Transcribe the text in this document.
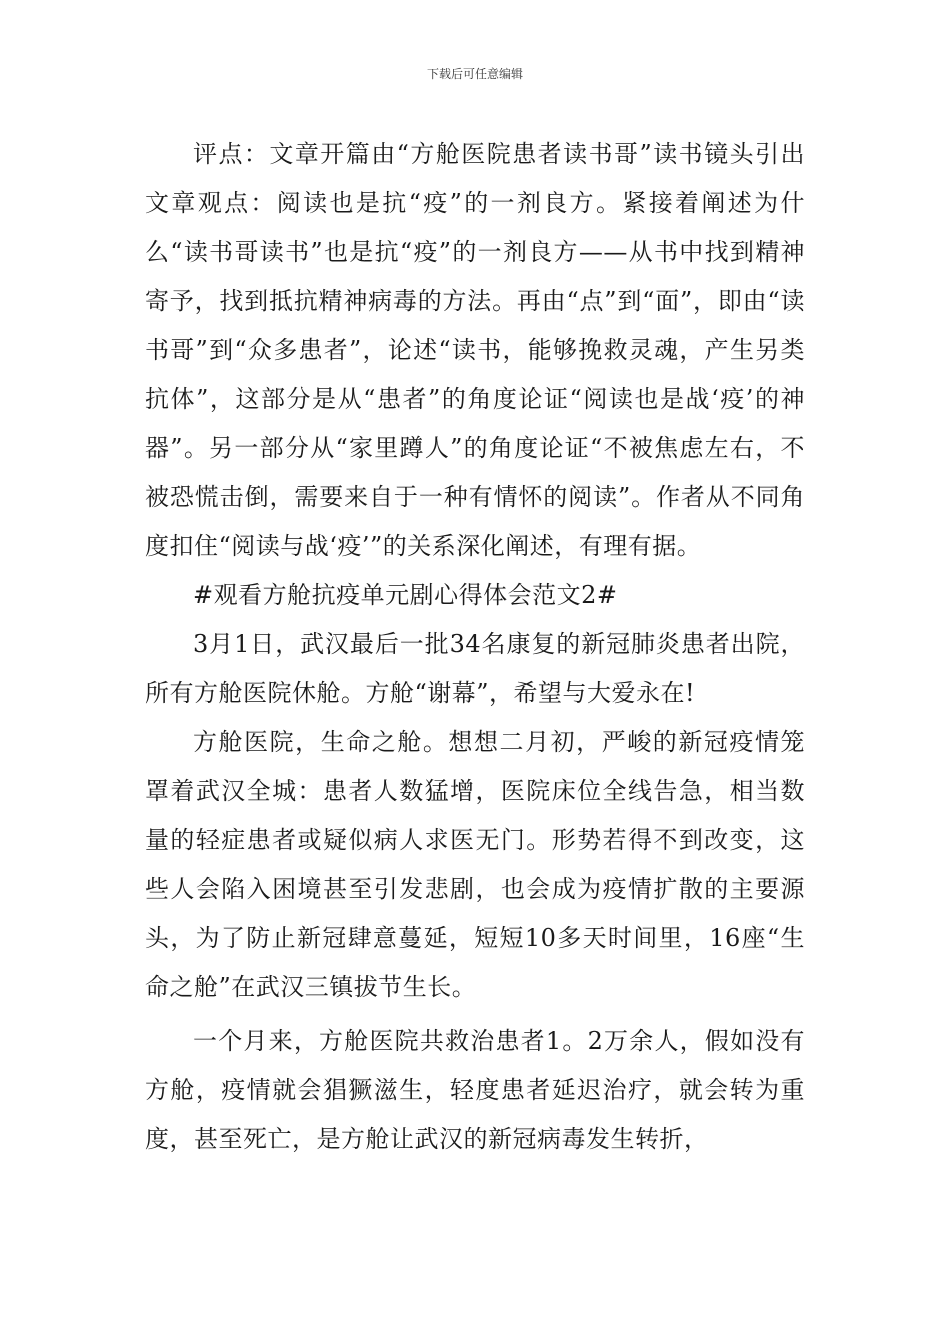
下载后可任意编辑

评点：文章开篇由“方舱医院患者读书哥”读书镜头引出文章观点：阅读也是抗“疫”的一剂良方。紧接着阐述为什么“读书哥读书”也是抗“疫”的一剂良方——从书中找到精神寄予，找到抵抗精神病毒的方法。再由“点”到“面”，即由“读书哥”到“众多患者”，论述“读书，能够挽救灵魂，产生另类抗体”，这部分是从“患者”的角度论证“阅读也是战‘疫’的神器”。另一部分从“家里蹲人”的角度论证“不被焦虑左右，不被恐慌击倒，需要来自于一种有情怀的阅读”。作者从不同角度扣住“阅读与战‘疫’”的关系深化阐述，有理有据。

#观看方舱抗疫单元剧心得体会范文2#

3月1日，武汉最后一批34名康复的新冠肺炎患者出院，所有方舱医院休舱。方舱“谢幕”，希望与大爱永在!

方舱医院，生命之舱。想想二月初，严峻的新冠疫情笼罩着武汉全城：患者人数猛增，医院床位全线告急，相当数量的轻症患者或疑似病人求医无门。形势若得不到改变，这些人会陷入困境甚至引发悲剧，也会成为疫情扩散的主要源头，为了防止新冠肆意蔓延，短短10多天时间里，16座“生命之舱”在武汉三镇拔节生长。

一个月来，方舱医院共救治患者1。2万余人，假如没有方舱，疫情就会猖獗滋生，轻度患者延迟治疗，就会转为重度，甚至死亡，是方舱让武汉的新冠病毒发生转折，
